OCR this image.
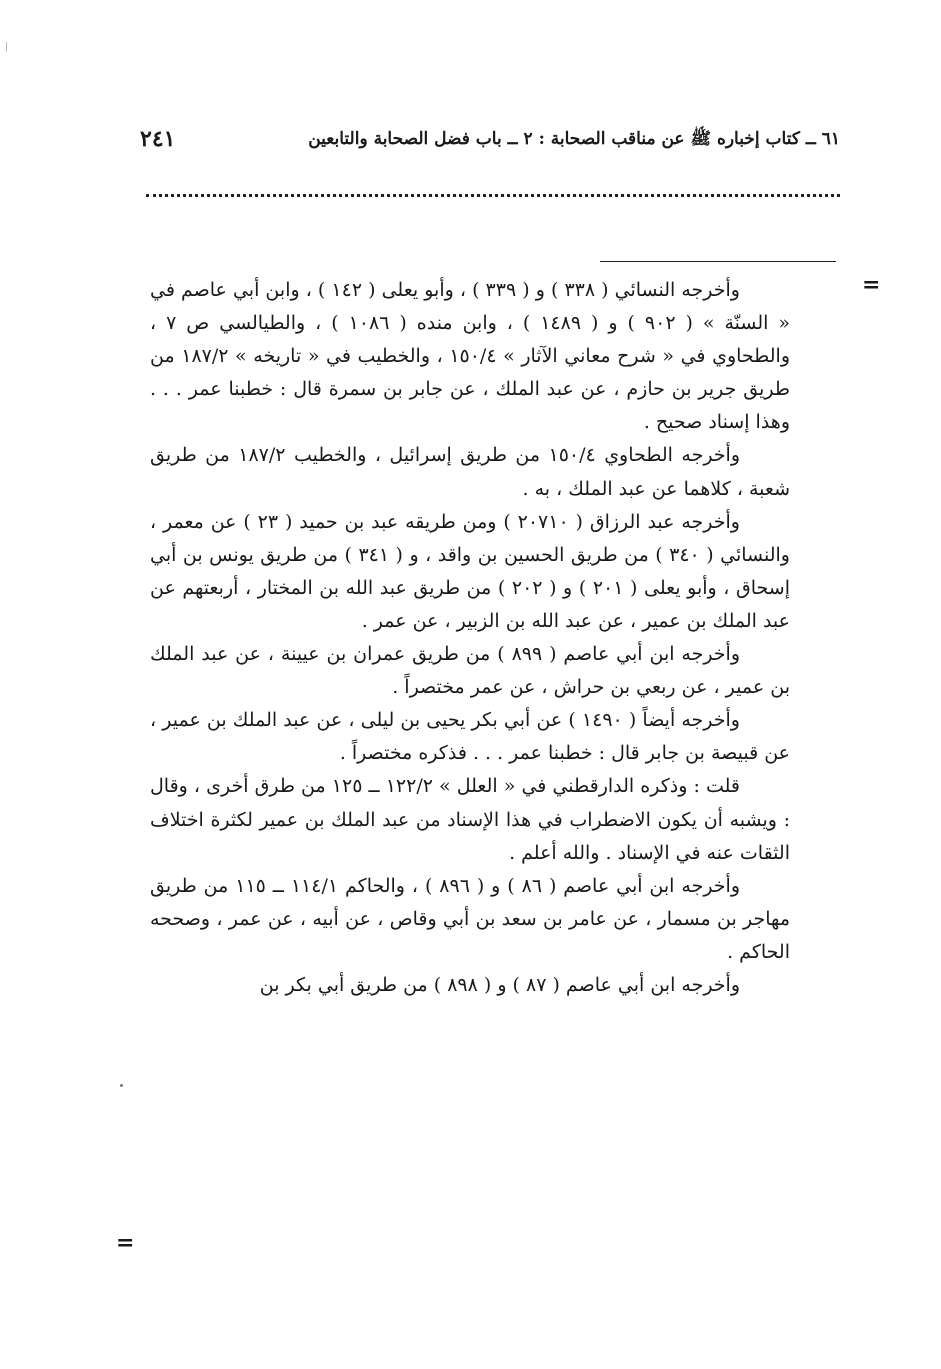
٦١ ــ كتاب إخباره ﷺ عن مناقب الصحابة : ٢ ــ باب فضل الصحابة والتابعين
٢٤١
=

وأخرجه النسائي ( ٣٣٨ ) و ( ٣٣٩ ) ، وأبو يعلى ( ١٤٢ ) ، وابن أبي عاصم في « السنّة » ( ٩٠٢ ) و ( ١٤٨٩ ) ، وابن منده ( ١٠٨٦ ) ، والطيالسي ص ٧ ، والطحاوي في « شرح معاني الآثار » ١٥٠/٤ ، والخطيب في « تاريخه » ١٨٧/٢ من طريق جرير بن حازم ، عن عبد الملك ، عن جابر بن سمرة قال : خطبنا عمر . . . وهذا إسناد صحيح .

وأخرجه الطحاوي ١٥٠/٤ من طريق إسرائيل ، والخطيب ١٨٧/٢ من طريق شعبة ، كلاهما عن عبد الملك ، به .

وأخرجه عبد الرزاق ( ٢٠٧١٠ ) ومن طريقه عبد بن حميد ( ٢٣ ) عن معمر ، والنسائي ( ٣٤٠ ) من طريق الحسين بن واقد ، و ( ٣٤١ ) من طريق يونس بن أبي إسحاق ، وأبو يعلى ( ٢٠١ ) و ( ٢٠٢ ) من طريق عبد الله بن المختار ، أربعتهم عن عبد الملك بن عمير ، عن عبد الله بن الزبير ، عن عمر .

وأخرجه ابن أبي عاصم ( ٨٩٩ ) من طريق عمران بن عيينة ، عن عبد الملك بن عمير ، عن ربعي بن حراش ، عن عمر مختصراً .

وأخرجه أيضاً ( ١٤٩٠ ) عن أبي بكر يحيى بن ليلى ، عن عبد الملك بن عمير ، عن قبيصة بن جابر قال : خطبنا عمر . . . فذكره مختصراً .

قلت : وذكره الدارقطني في « العلل » ١٢٢/٢ ــ ١٢٥ من طرق أخرى ، وقال : ويشبه أن يكون الاضطراب في هذا الإسناد من عبد الملك بن عمير لكثرة اختلاف الثقات عنه في الإسناد . والله أعلم .

وأخرجه ابن أبي عاصم ( ٨٦ ) و ( ٨٩٦ ) ، والحاكم ١١٤/١ ــ ١١٥ من طريق مهاجر بن مسمار ، عن عامر بن سعد بن أبي وقاص ، عن أبيه ، عن عمر ، وصححه الحاكم .

وأخرجه ابن أبي عاصم ( ٨٧ ) و ( ٨٩٨ ) من طريق أبي بكر بن

=
